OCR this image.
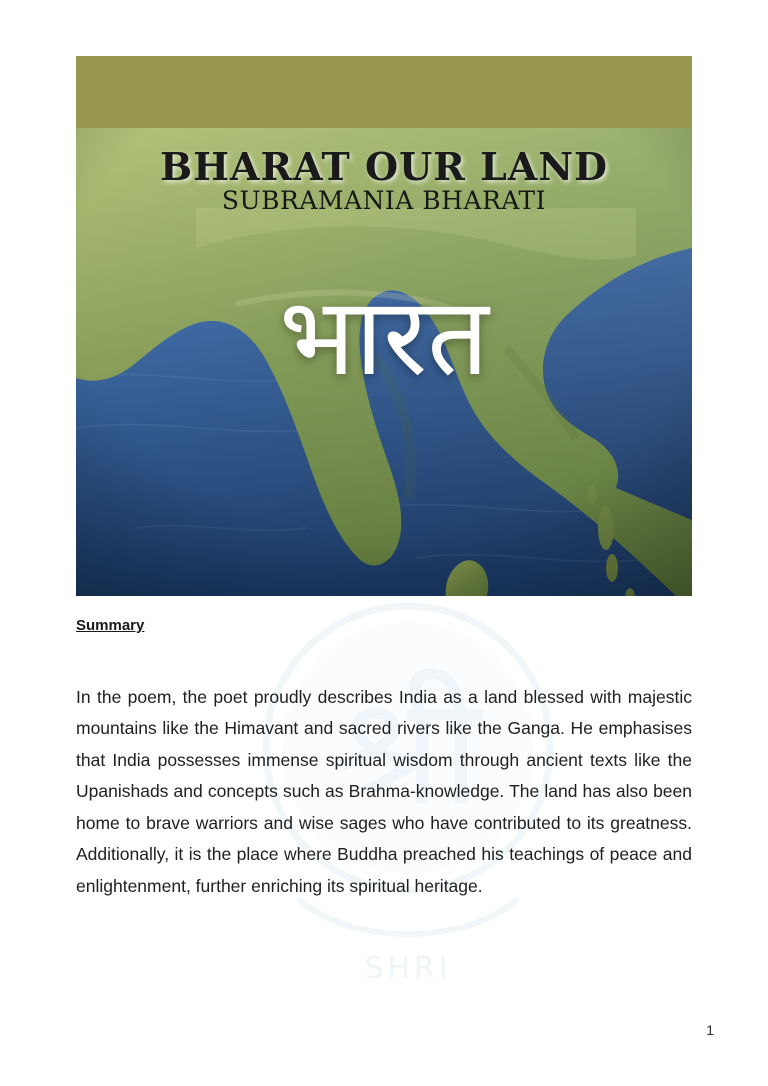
श्री
SHRI
BHARAT OUR LAND
SUBRAMANIA BHARATI
भारत
Summary

In the poem, the poet proudly describes India as a land blessed with majestic mountains like the Himavant and sacred rivers like the Ganga. He emphasises that India possesses immense spiritual wisdom through ancient texts like the Upanishads and concepts such as Brahma-knowledge. The land has also been home to brave warriors and wise sages who have contributed to its greatness. Additionally, it is the place where Buddha preached his teachings of peace and enlightenment, further enriching its spiritual heritage.

1
